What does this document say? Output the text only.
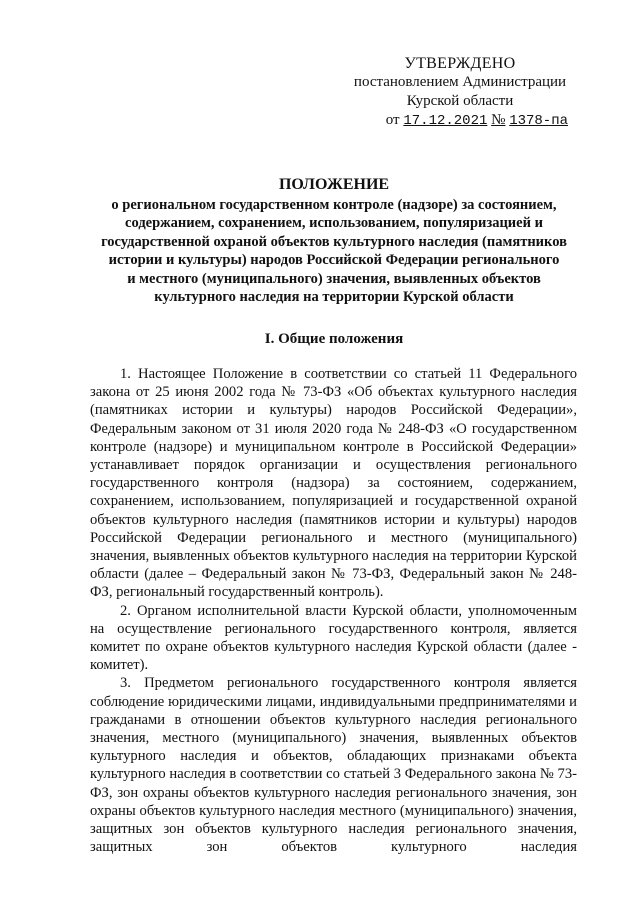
УТВЕРЖДЕНО
постановлением Администрации
Курской области
от 17.12.2021 № 1378-па
ПОЛОЖЕНИЕ
о региональном государственном контроле (надзоре) за состоянием,
содержанием, сохранением, использованием, популяризацией и
государственной охраной объектов культурного наследия (памятников
истории и культуры) народов Российской Федерации регионального
и местного (муниципального) значения, выявленных объектов
культурного наследия на территории Курской области
I. Общие положения

1. Настоящее Положение в соответствии со статьей 11 Федерального закона от 25 июня 2002 года № 73-ФЗ «Об объектах культурного наследия (памятниках истории и культуры) народов Российской Федерации», Федеральным законом от 31 июля 2020 года № 248-ФЗ «О государственном контроле (надзоре) и муниципальном контроле в Российской Федерации» устанавливает порядок организации и осуществления регионального государственного контроля (надзора) за состоянием, содержанием, сохранением, использованием, популяризацией и государственной охраной объектов культурного наследия (памятников истории и культуры) народов Российской Федерации регионального и местного (муниципального) значения, выявленных объектов культурного наследия на территории Курской области (далее – Федеральный закон № 73-ФЗ, Федеральный закон № 248-ФЗ, региональный государственный контроль).

2. Органом исполнительной власти Курской области, уполномоченным на осуществление регионального государственного контроля, является комитет по охране объектов культурного наследия Курской области (далее - комитет).

3. Предметом регионального государственного контроля является соблюдение юридическими лицами, индивидуальными предпринимателями и гражданами в отношении объектов культурного наследия регионального значения, местного (муниципального) значения, выявленных объектов культурного наследия и объектов, обладающих признаками объекта культурного наследия в соответствии со статьей 3 Федерального закона № 73-ФЗ, зон охраны объектов культурного наследия регионального значения, зон охраны объектов культурного наследия местного (муниципального) значения, защитных зон объектов культурного наследия регионального значения, защитных зон объектов культурного наследия
